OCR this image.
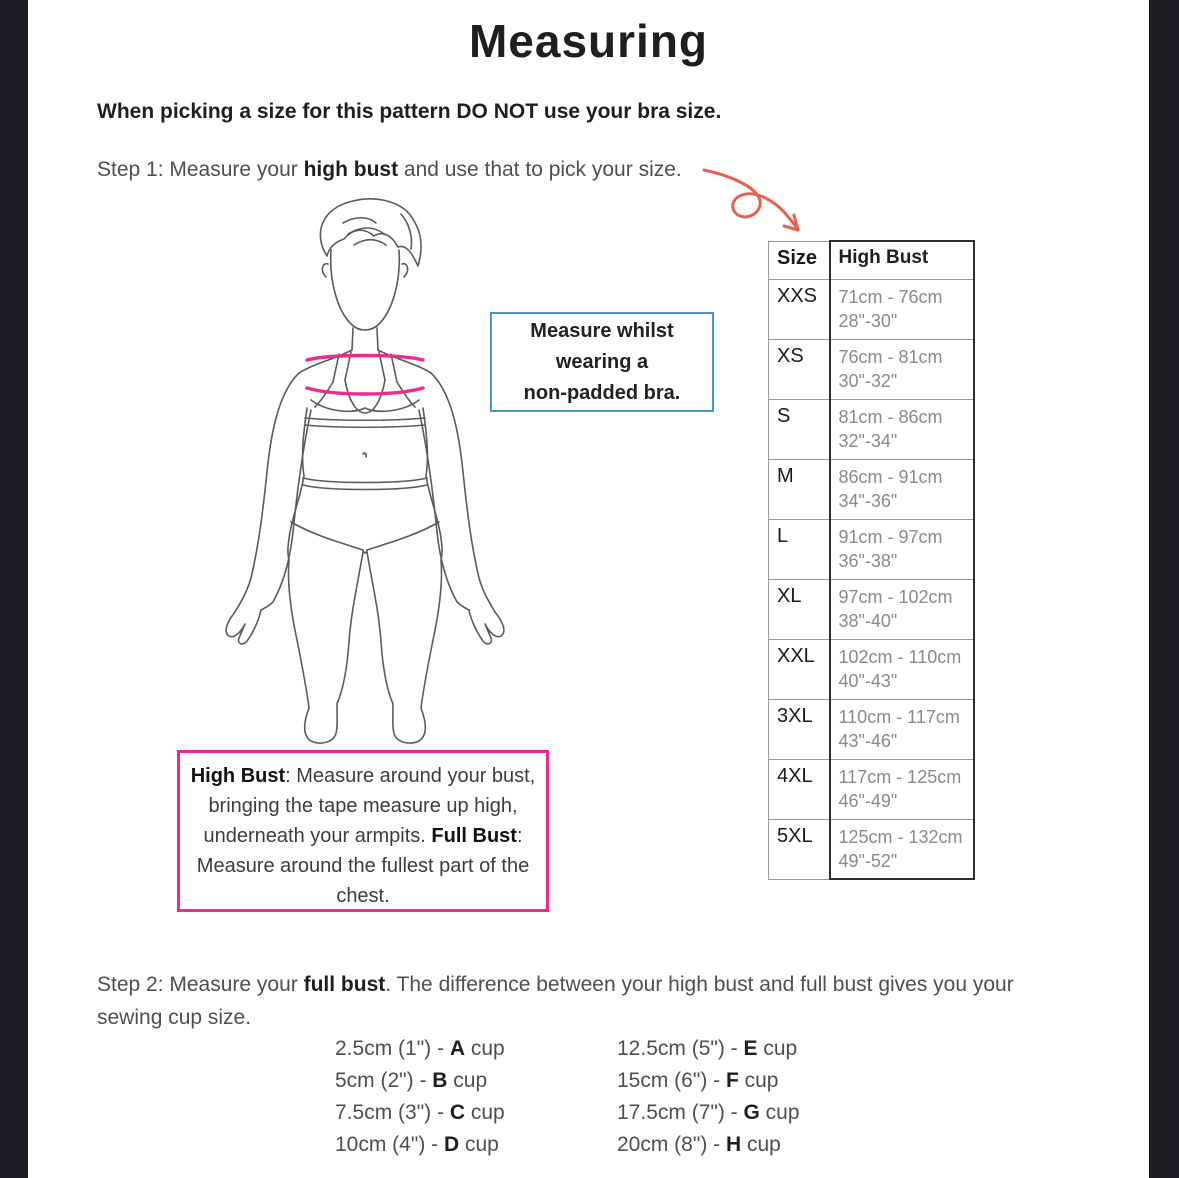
Measuring
When picking a size for this pattern DO NOT use your bra size.
Step 1: Measure your high bust and use that to pick your size.
Measure whilst
wearing a
non-padded bra.
Size	High Bust
XXS	71cm - 76cm
28"-30"
XS	76cm - 81cm
30"-32"
S	81cm - 86cm
32"-34"
M	86cm - 91cm
34"-36"
L	91cm - 97cm
36"-38"
XL	97cm - 102cm
38"-40"
XXL	102cm - 110cm
40"-43"
3XL	110cm - 117cm
43"-46"
4XL	117cm - 125cm
46"-49"
5XL	125cm - 132cm
49"-52"
High Bust: Measure around your bust, bringing the tape measure up high, underneath your armpits. Full Bust: Measure around the fullest part of the chest.
Step 2: Measure your full bust. The difference between your high bust and full bust gives you your sewing cup size.
2.5cm (1") - A cup
5cm (2") - B cup
7.5cm (3") - C cup
10cm (4") - D cup
12.5cm (5") - E cup
15cm (6") - F cup
17.5cm (7") - G cup
20cm (8") - H cup
